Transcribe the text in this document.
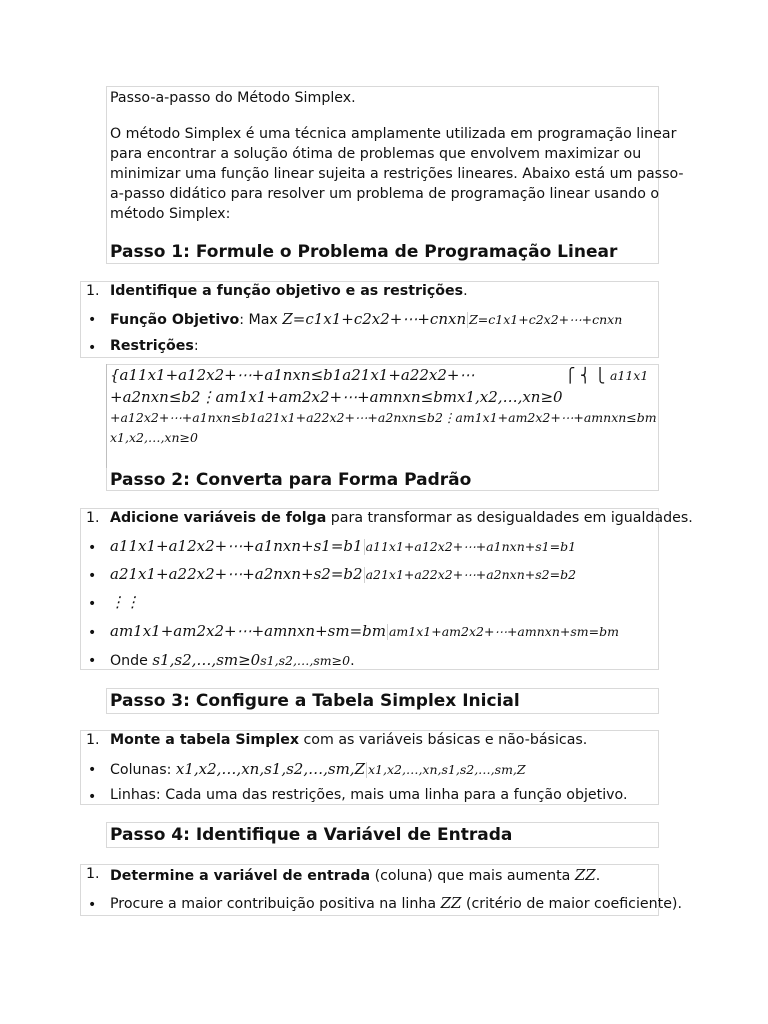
Passo-a-passo do Método Simplex.
O método Simplex é uma técnica amplamente utilizada em programação linear
para encontrar a solução ótima de problemas que envolvem maximizar ou
minimizar uma função linear sujeita a restrições lineares. Abaixo está um passo-
a-passo didático para resolver um problema de programação linear usando o
método Simplex:
Passo 1: Formule o Problema de Programação Linear
1. Identifique a função objetivo e as restrições.
• Função Objetivo: Max Z=c1x1+c2x2+⋯+cnxn Z=c1x1+c2x2+⋯+cnxn
• Restrições:
{a11x1+a12x2+⋯+a1nxn≤b1a21x1+a22x2+⋯	⎧ ⎨ ⎩ a11x1
+a2nxn≤b2⋮am1x1+am2x2+⋯+amnxn≤bmx1,x2,…,xn≥0
+a12x2+⋯+a1nxn≤b1a21x1+a22x2+⋯+a2nxn≤b2⋮am1x1+am2x2+⋯+amnxn≤bm
x1,x2,…,xn≥0
Passo 2: Converta para Forma Padrão
1. Adicione variáveis de folga para transformar as desigualdades em igualdades.
• a11x1+a12x2+⋯+a1nxn+s1=b1 a11x1+a12x2+⋯+a1nxn+s1=b1
• a21x1+a22x2+⋯+a2nxn+s2=b2 a21x1+a22x2+⋯+a2nxn+s2=b2
• ⋮⋮
• am1x1+am2x2+⋯+amnxn+sm=bm am1x1+am2x2+⋯+amnxn+sm=bm
• Onde s1,s2,…,sm≥0s1,s2,…,sm≥0.
Passo 3: Configure a Tabela Simplex Inicial
1. Monte a tabela Simplex com as variáveis básicas e não-básicas.
• Colunas: x1,x2,…,xn,s1,s2,…,sm,Z x1,x2,…,xn,s1,s2,…,sm,Z
• Linhas: Cada uma das restrições, mais uma linha para a função objetivo.
Passo 4: Identifique a Variável de Entrada
1. Determine a variável de entrada (coluna) que mais aumenta ZZ.
• Procure a maior contribuição positiva na linha ZZ (critério de maior coeficiente).
